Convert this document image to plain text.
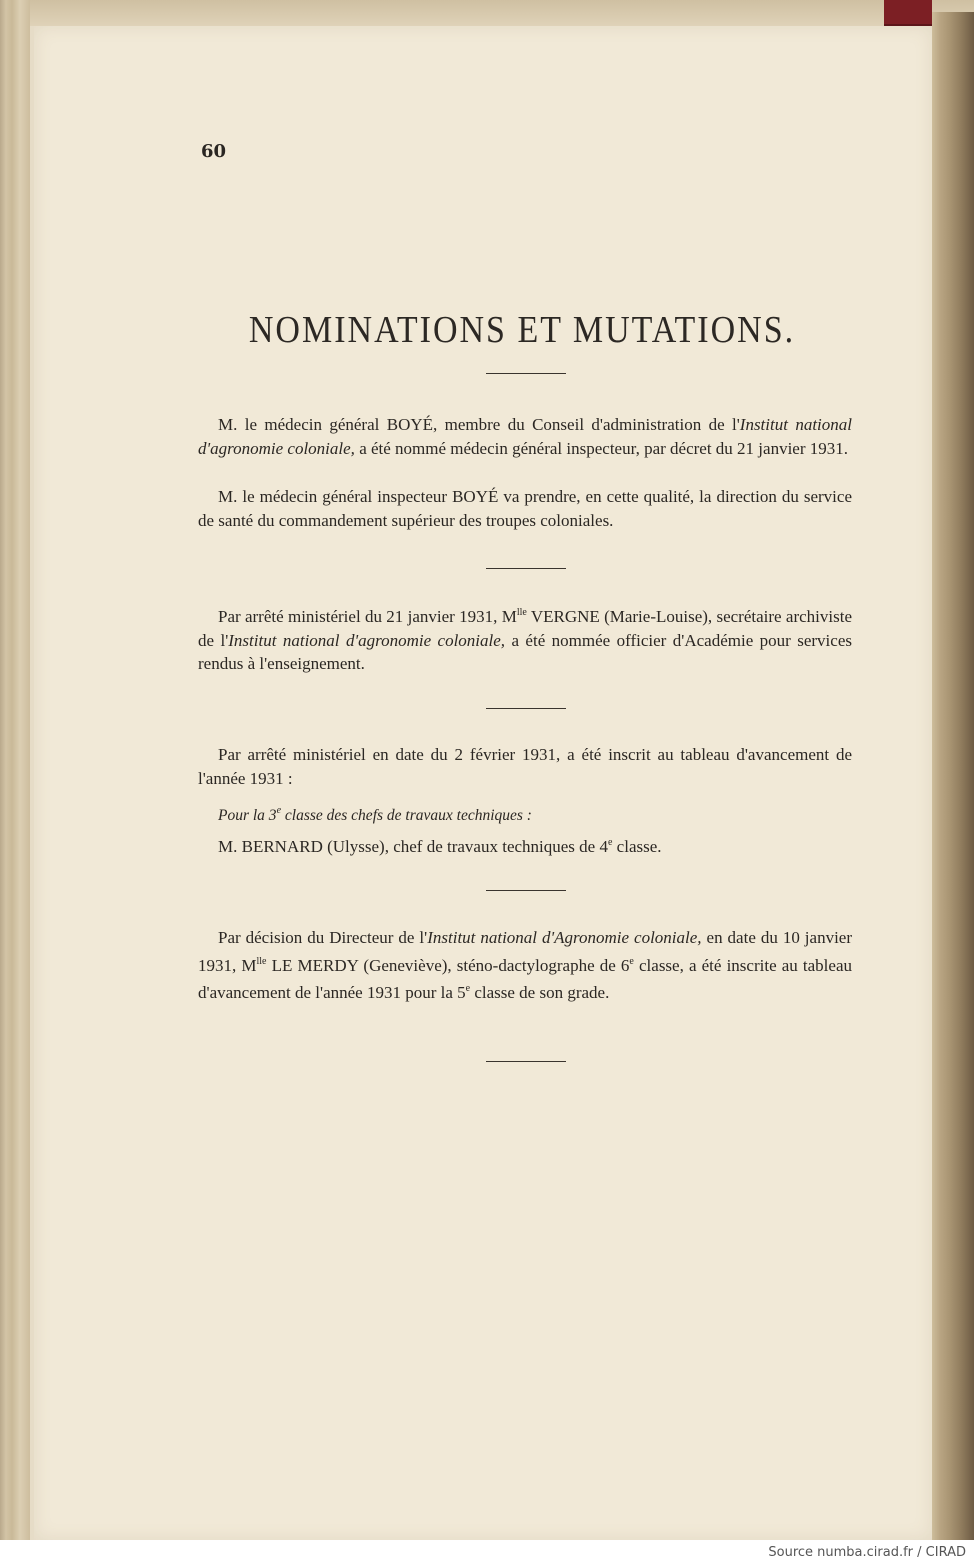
60
NOMINATIONS ET MUTATIONS.

M. le médecin général BOYÉ, membre du Conseil d'administration de l'Institut national d'agronomie coloniale, a été nommé médecin général inspecteur, par décret du 21 janvier 1931.

M. le médecin général inspecteur BOYÉ va prendre, en cette qualité, la direction du service de santé du commandement supérieur des troupes coloniales.

Par arrêté ministériel du 21 janvier 1931, $M^{lle}$ VERGNE (Marie-Louise), secrétaire archiviste de l'Institut national d'agronomie coloniale, a été nommée officier d'Académie pour services rendus à l'enseignement.

Par arrêté ministériel en date du 2 février 1931, a été inscrit au tableau d'avancement de l'année 1931 :

Pour la 3e classe des chefs de travaux techniques :

M. BERNARD (Ulysse), chef de travaux techniques de 4e classe.

Par décision du Directeur de l'Institut national d'Agronomie coloniale, en date du 10 janvier 1931, $M^{lle}$ LE MERDY (Geneviève), sténo-dactylographe de 6e classe, a été inscrite au tableau d'avancement de l'année 1931 pour la 5e classe de son grade.

Source numba.cirad.fr / CIRAD
